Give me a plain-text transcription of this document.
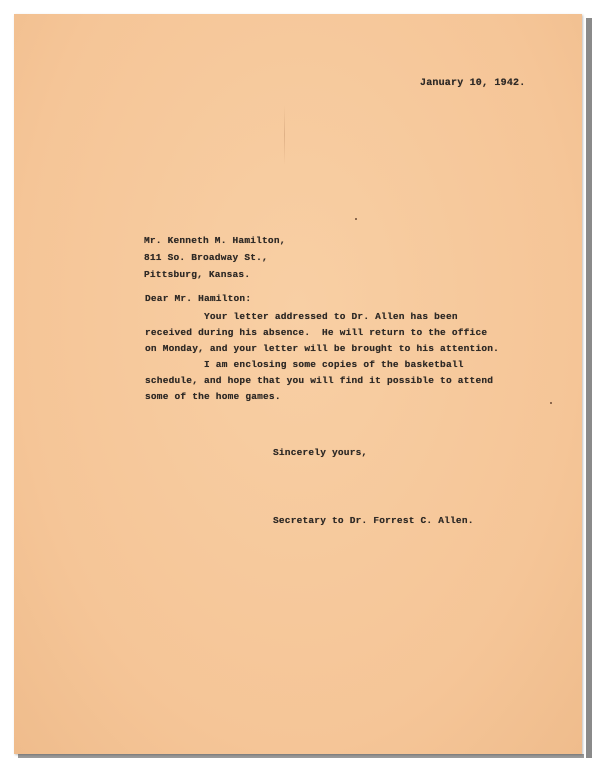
January 10, 1942.
Mr. Kenneth M. Hamilton,
811 So. Broadway St.,
Pittsburg, Kansas.
Dear Mr. Hamilton:
Your letter addressed to Dr. Allen has been
received during his absence.  He will return to the office
on Monday, and your letter will be brought to his attention.
I am enclosing some copies of the basketball
schedule, and hope that you will find it possible to attend
some of the home games.
Sincerely yours,
Secretary to Dr. Forrest C. Allen.
